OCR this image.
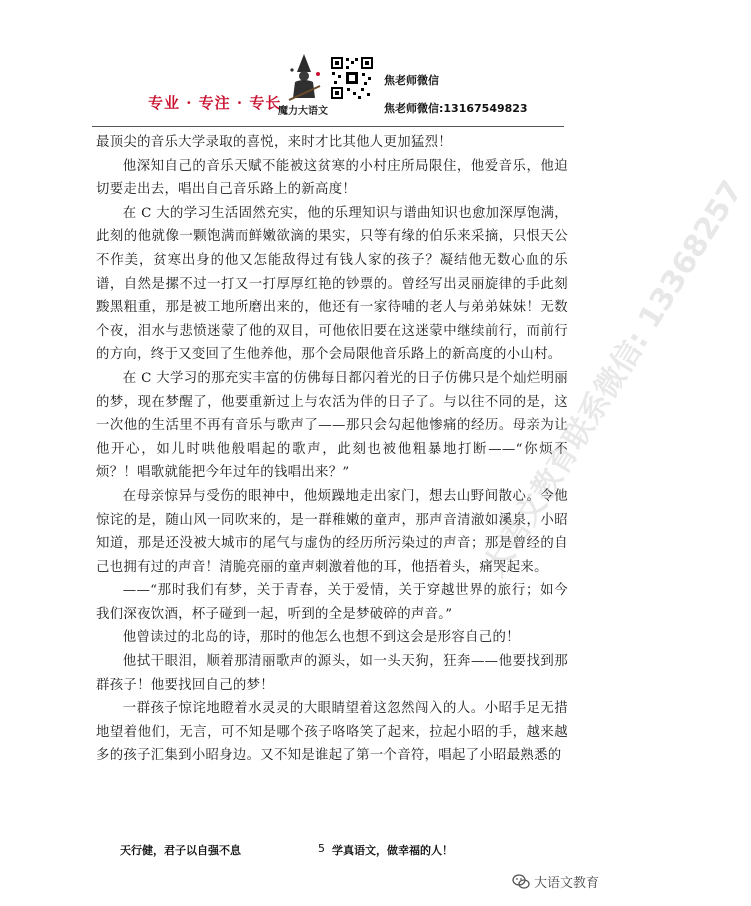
专业 · 专注 · 专长
魔力大语文
焦老师微信
焦老师微信:13167549823

最顶尖的音乐大学录取的喜悦，来时才比其他人更加猛烈！

他深知自己的音乐天赋不能被这贫寒的小村庄所局限住，他爱音乐，他迫切要走出去，唱出自己音乐路上的新高度！

在 C 大的学习生活固然充实，他的乐理知识与谱曲知识也愈加深厚饱满，此刻的他就像一颗饱满而鲜嫩欲滴的果实，只等有缘的伯乐来采摘，只恨天公不作美，贫寒出身的他又怎能敌得过有钱人家的孩子？凝结他无数心血的乐谱，自然是摞不过一打又一打厚厚红艳的钞票的。曾经写出灵丽旋律的手此刻黢黑粗重，那是被工地所磨出来的，他还有一家待哺的老人与弟弟妹妹！无数个夜，泪水与悲愤迷蒙了他的双目，可他依旧要在这迷蒙中继续前行，而前行的方向，终于又变回了生他养他，那个会局限他音乐路上的新高度的小山村。

在 C 大学习的那充实丰富的仿佛每日都闪着光的日子仿佛只是个灿烂明丽的梦，现在梦醒了，他要重新过上与农活为伴的日子了。与以往不同的是，这一次他的生活里不再有音乐与歌声了——那只会勾起他惨痛的经历。母亲为让他开心，如儿时哄他般唱起的歌声，此刻也被他粗暴地打断——“你烦不烦？！唱歌就能把今年过年的钱唱出来？”

在母亲惊异与受伤的眼神中，他烦躁地走出家门，想去山野间散心。令他惊诧的是，随山风一同吹来的，是一群稚嫩的童声，那声音清澈如溪泉，小昭知道，那是还没被大城市的尾气与虚伪的经历所污染过的声音；那是曾经的自己也拥有过的声音！清脆亮丽的童声刺激着他的耳，他捂着头，痛哭起来。

——“那时我们有梦，关于青春，关于爱情，关于穿越世界的旅行；如今我们深夜饮酒，杯子碰到一起，听到的全是梦破碎的声音。”

他曾读过的北岛的诗，那时的他怎么也想不到这会是形容自己的！

他拭干眼泪，顺着那清丽歌声的源头，如一头天狗，狂奔——他要找到那群孩子！他要找回自己的梦！

一群孩子惊诧地瞪着水灵灵的大眼睛望着这忽然闯入的人。小昭手足无措地望着他们，无言，可不知是哪个孩子咯咯笑了起来，拉起小昭的手，越来越多的孩子汇集到小昭身边。又不知是谁起了第一个音符，唱起了小昭最熟悉的

大语文教育联系微信: 13368257
天行健，君子以自强不息	5 学真语文，做幸福的人！
大语文教育
